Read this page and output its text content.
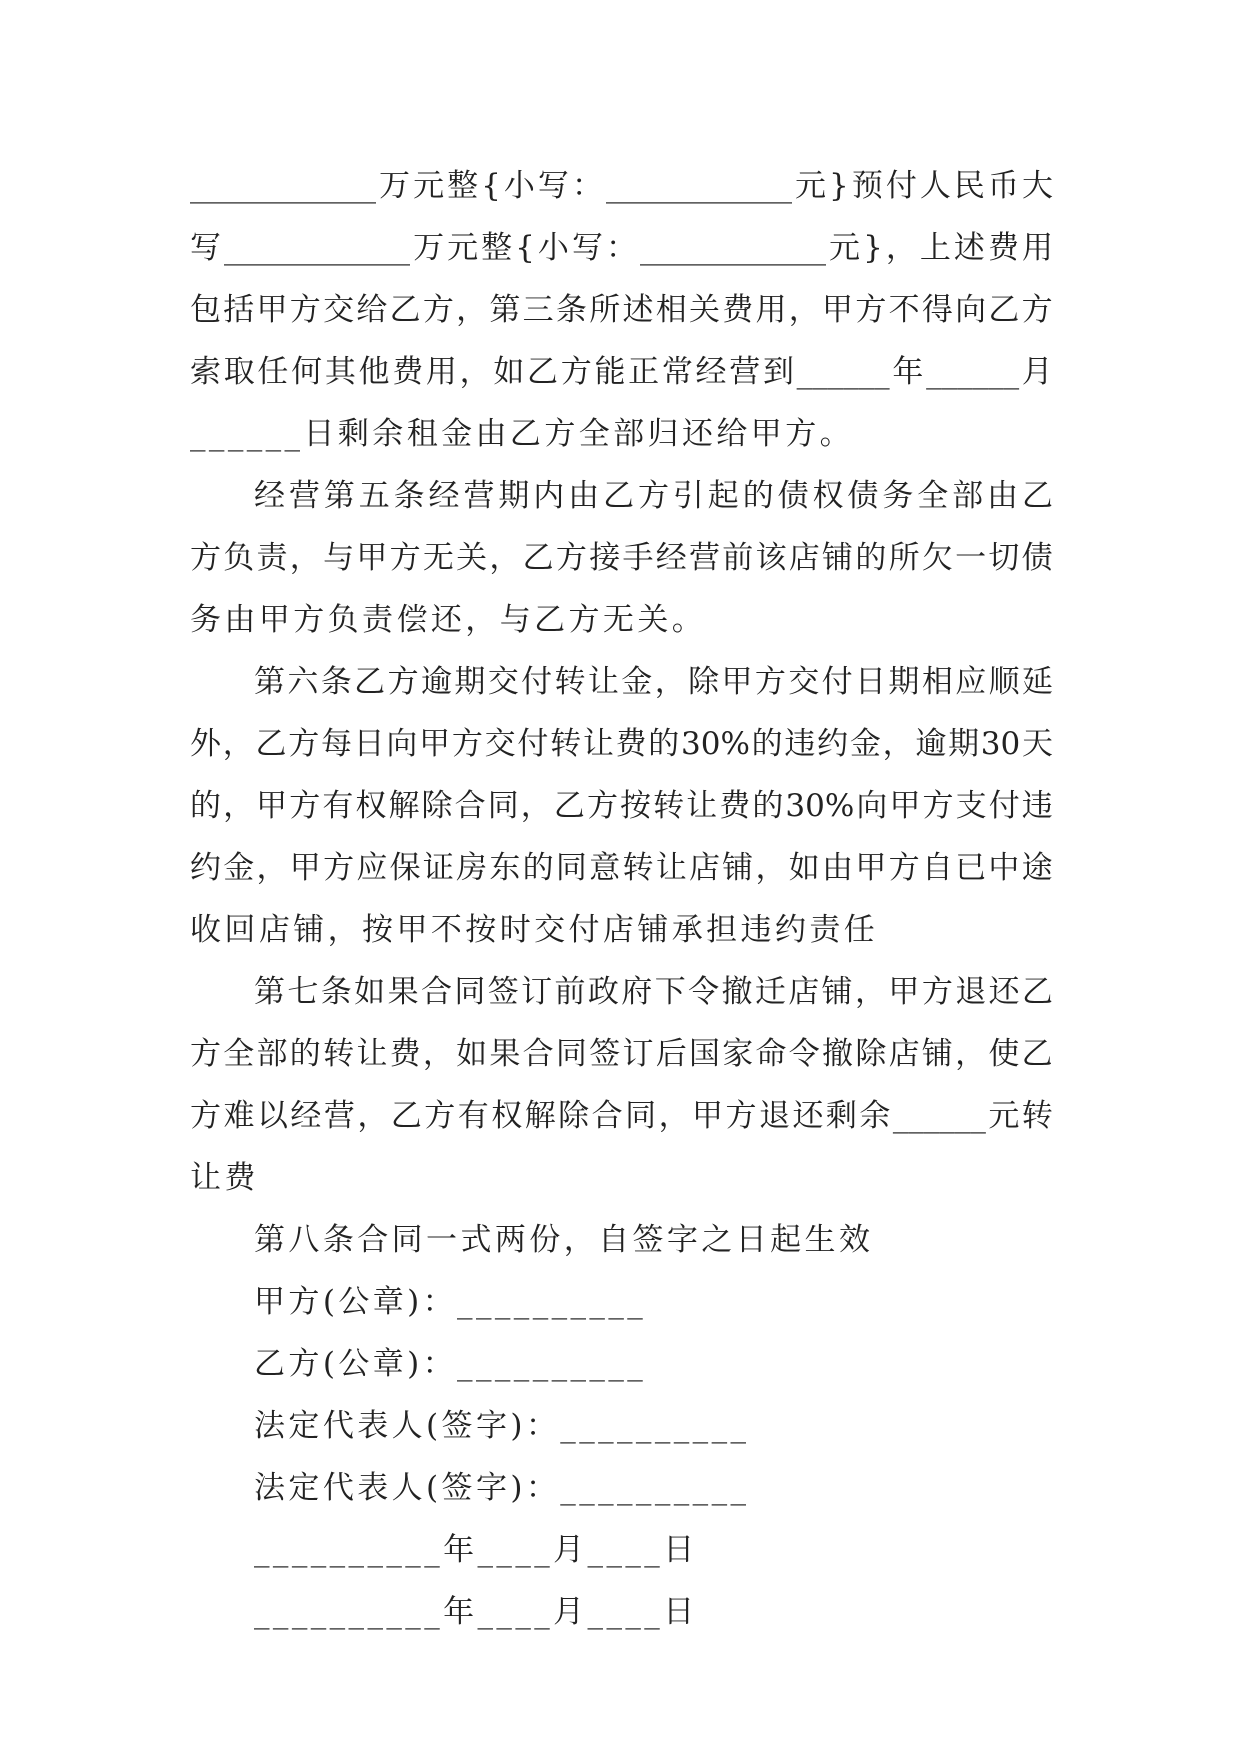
____________ 万 元 整 { 小 写 ： ____________ 元 } 预 付 人 民 币 大
写 ____________ 万 元 整 { 小 写 ： ____________ 元 } ， 上 述 费 用
包 括 甲 方 交 给 乙 方 ， 第 三 条 所 述 相 关 费 用 ， 甲 方 不 得 向 乙 方
索 取 任 何 其 他 费 用 ， 如 乙 方 能 正 常 经 营 到 ______ 年 ______ 月
______日剩余租金由乙方全部归还给甲方。
经 营 第 五 条 经 营 期 内 由 乙 方 引 起 的 债 权 债 务 全 部 由 乙
方 负 责 ， 与 甲 方 无 关 ， 乙 方 接 手 经 营 前 该 店 铺 的 所 欠 一 切 债
务由甲方负责偿还，与乙方无关。
第 六 条 乙 方 逾 期 交 付 转 让 金 ， 除 甲 方 交 付 日 期 相 应 顺 延
外 ， 乙 方 每 日 向 甲 方 交 付 转 让 费 的 30% 的 违 约 金 ， 逾 期 30 天
的 ， 甲 方 有 权 解 除 合 同 ， 乙 方 按 转 让 费 的 30% 向 甲 方 支 付 违
约 金 ， 甲 方 应 保 证 房 东 的 同 意 转 让 店 铺 ， 如 由 甲 方 自 已 中 途
收回店铺，按甲不按时交付店铺承担违约责任
第 七 条 如 果 合 同 签 订 前 政 府 下 令 撤 迁 店 铺 ， 甲 方 退 还 乙
方 全 部 的 转 让 费 ， 如 果 合 同 签 订 后 国 家 命 令 撤 除 店 铺 ， 使 乙
方 难 以 经 营 ， 乙 方 有 权 解 除 合 同 ， 甲 方 退 还 剩 余 ______ 元 转
让费
第八条合同一式两份，自签字之日起生效
甲方(公章)：__________
乙方(公章)：__________
法定代表人(签字)：__________
法定代表人(签字)：__________
__________年____月____日
__________年____月____日
